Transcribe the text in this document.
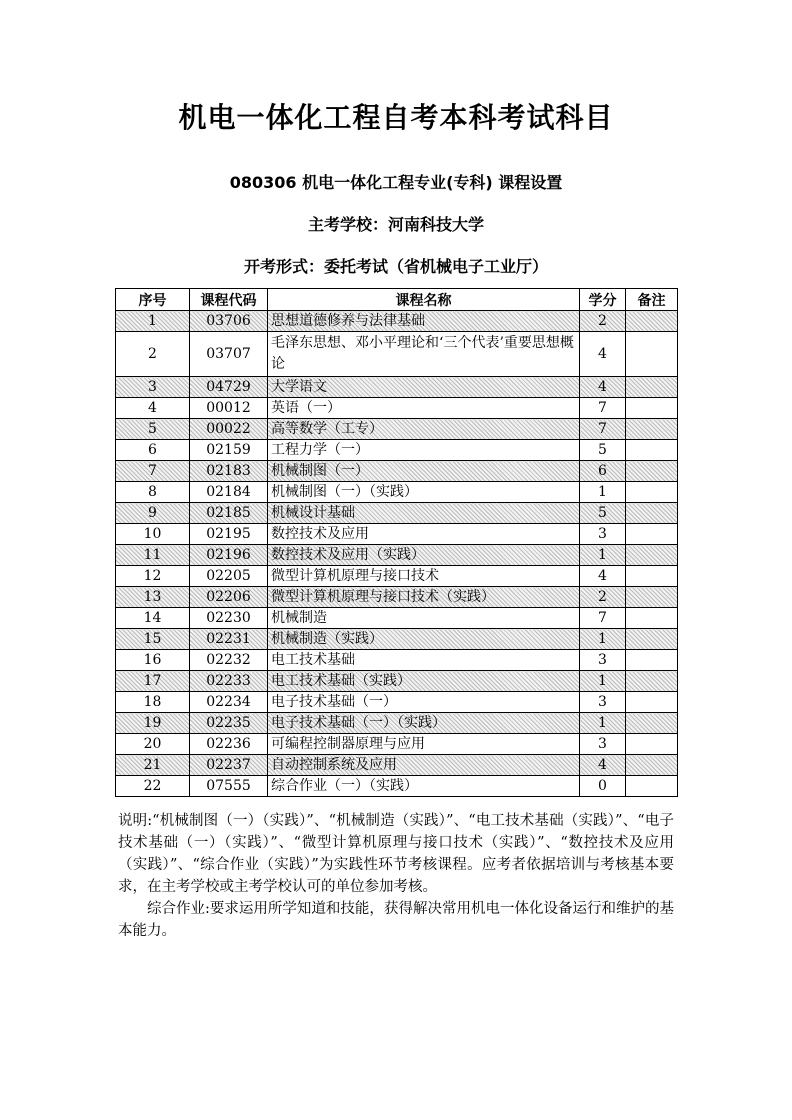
机电一体化工程自考本科考试科目
080306 机电一体化工程专业(专科) 课程设置
主考学校：河南科技大学
开考形式：委托考试（省机械电子工业厅）
序号	课程代码	课程名称	学分	备注
1	03706	思想道德修养与法律基础	2	
2	03707	毛泽东思想、邓小平理论和‘三个代表’重要思想概论	4	
3	04729	大学语文	4	
4	00012	英语（一）	7	
5	00022	高等数学（工专）	7	
6	02159	工程力学（一）	5	
7	02183	机械制图（一）	6	
8	02184	机械制图（一）（实践）	1	
9	02185	机械设计基础	5	
10	02195	数控技术及应用	3	
11	02196	数控技术及应用（实践）	1	
12	02205	微型计算机原理与接口技术	4	
13	02206	微型计算机原理与接口技术（实践）	2	
14	02230	机械制造	7	
15	02231	机械制造（实践）	1	
16	02232	电工技术基础	3	
17	02233	电工技术基础（实践）	1	
18	02234	电子技术基础（一）	3	
19	02235	电子技术基础（一）（实践）	1	
20	02236	可编程控制器原理与应用	3	
21	02237	自动控制系统及应用	4	
22	07555	综合作业（一）（实践）	0	

说明:“机械制图（一）（实践）”、“机械制造（实践）”、“电工技术基础（实践）”、“电子技术基础（一）（实践）”、“微型计算机原理与接口技术（实践）”、“数控技术及应用（实践）”、“综合作业（实践）”为实践性环节考核课程。应考者依据培训与考核基本要求，在主考学校或主考学校认可的单位参加考核。

综合作业:要求运用所学知道和技能，获得解决常用机电一体化设备运行和维护的基本能力。
